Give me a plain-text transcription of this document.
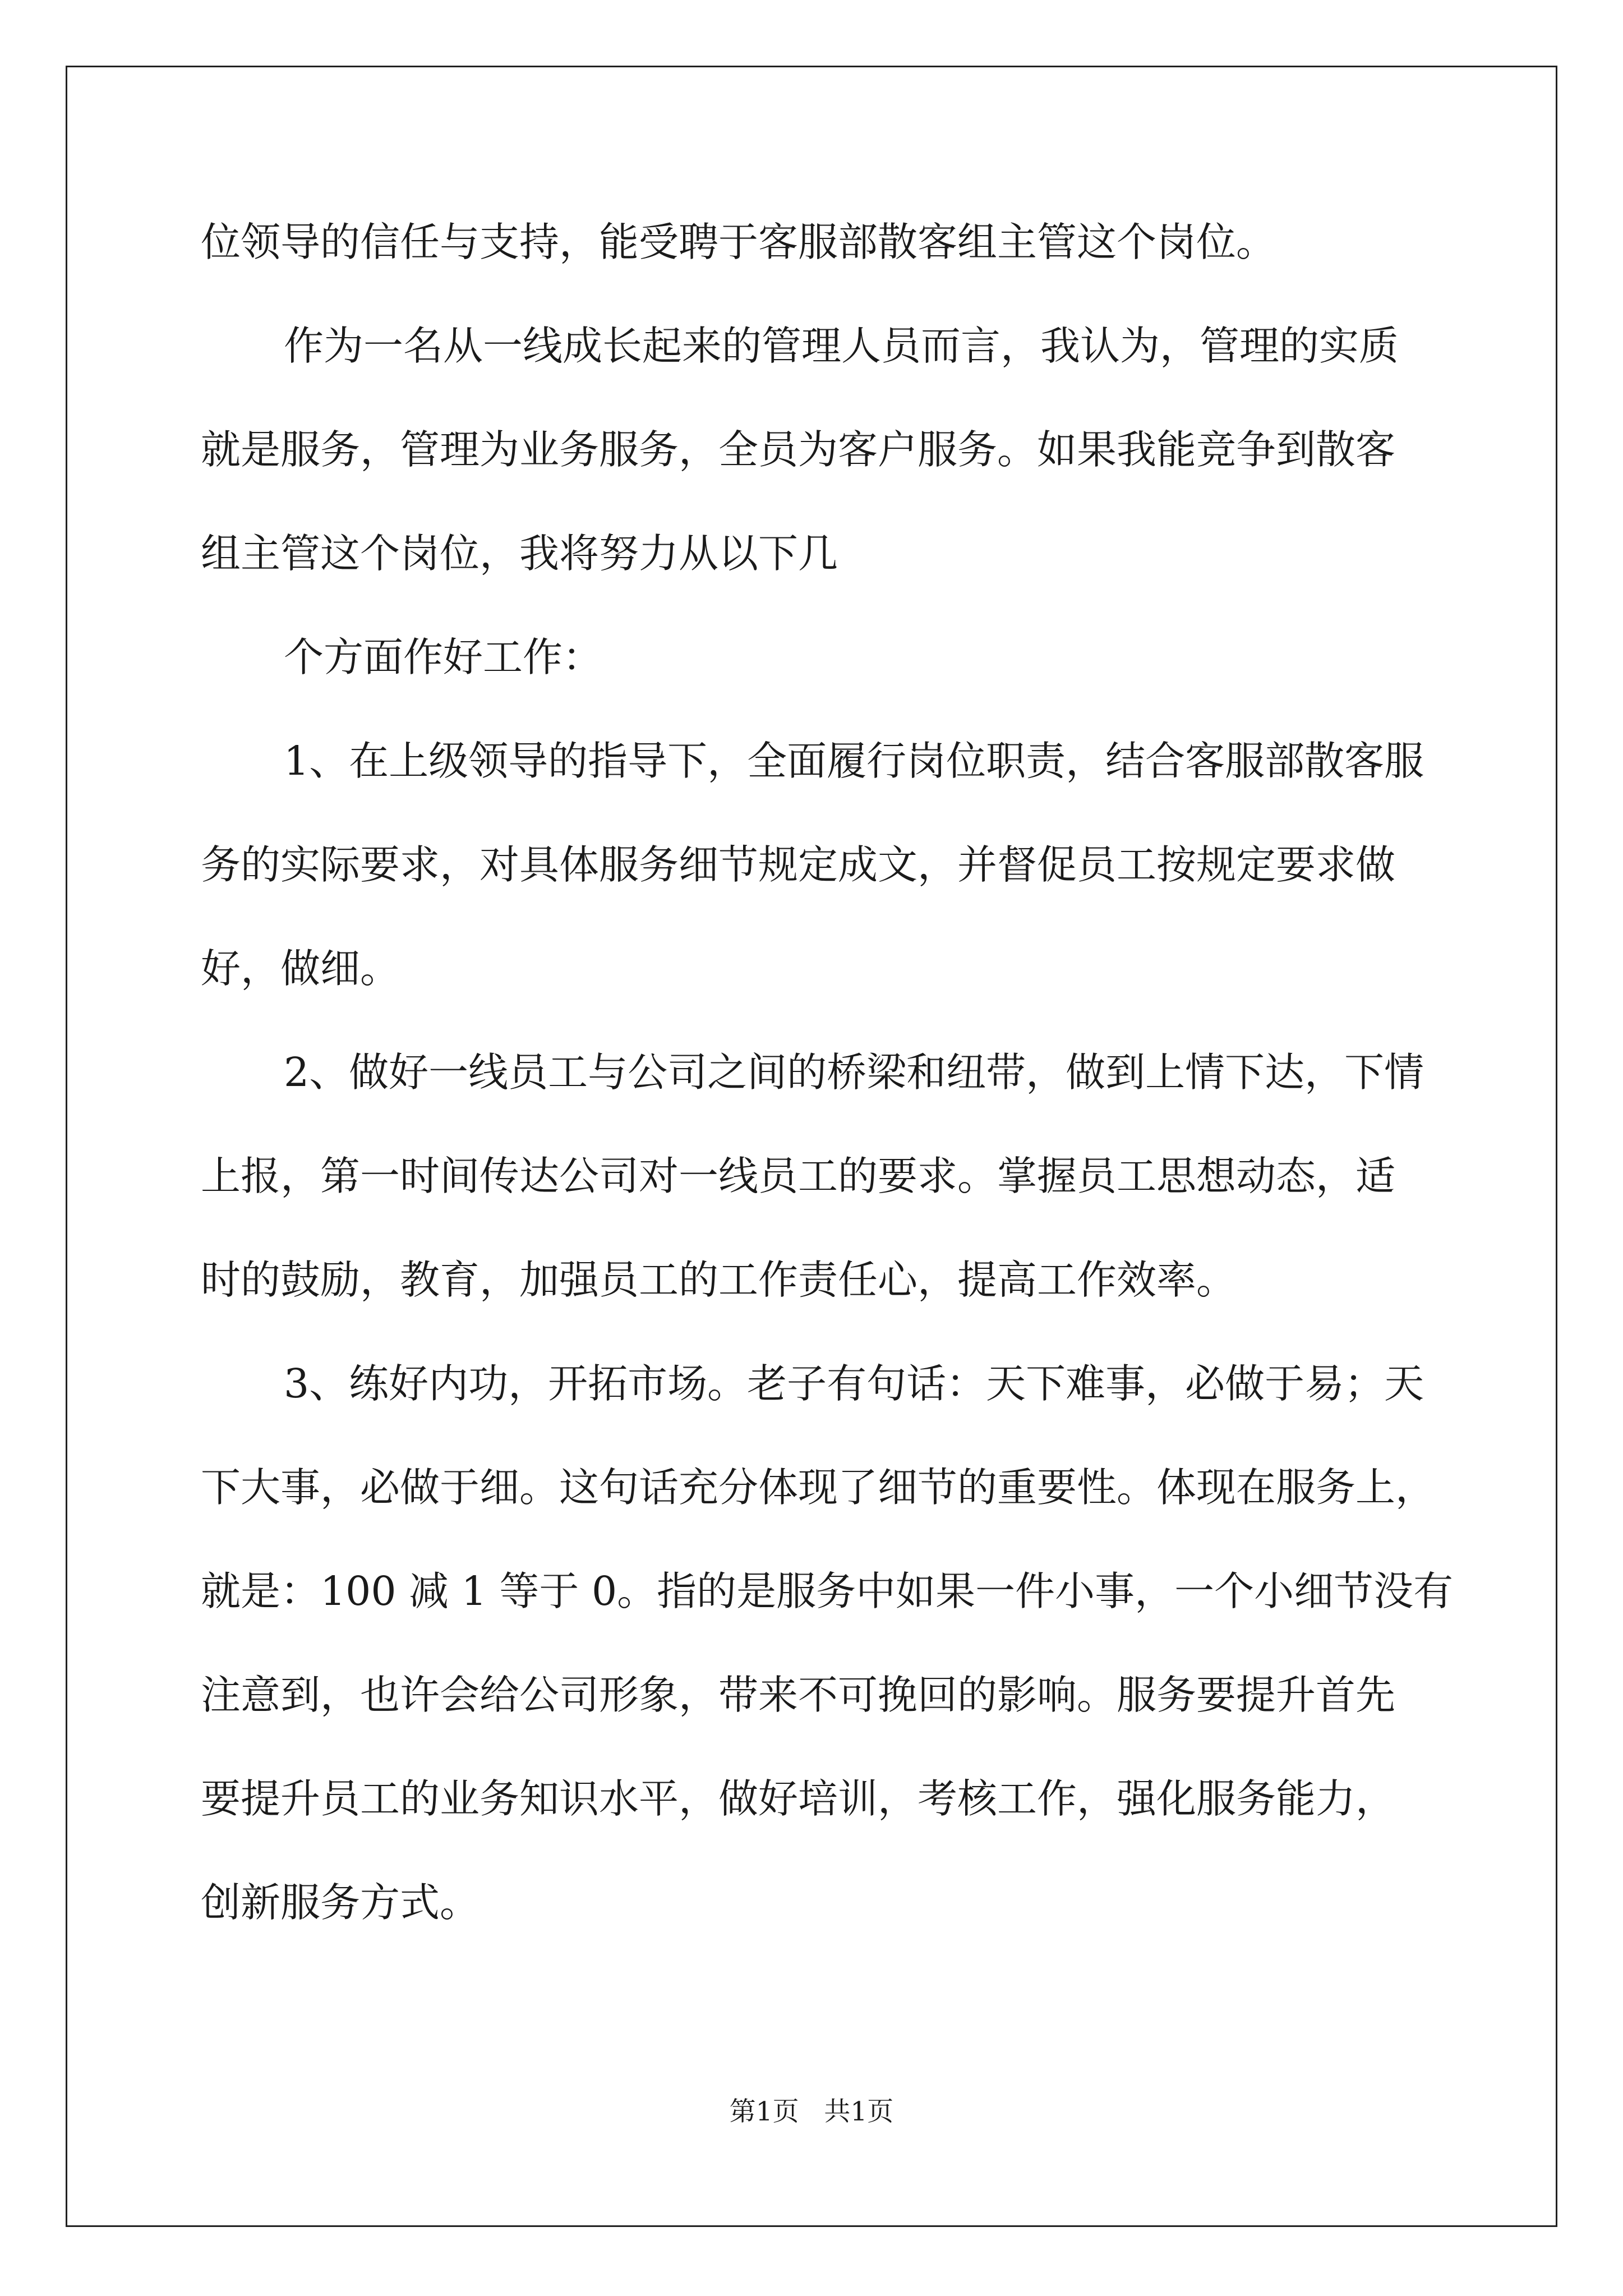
位领导的信任与支持，能受聘于客服部散客组主管这个岗位。
作为一名从一线成长起来的管理人员而言，我认为，管理的实质
就是服务，管理为业务服务，全员为客户服务。如果我能竞争到散客
组主管这个岗位，我将努力从以下几
个方面作好工作：
1、在上级领导的指导下，全面履行岗位职责，结合客服部散客服
务的实际要求，对具体服务细节规定成文，并督促员工按规定要求做
好，做细。
2、做好一线员工与公司之间的桥梁和纽带，做到上情下达，下情
上报，第一时间传达公司对一线员工的要求。掌握员工思想动态，适
时的鼓励，教育，加强员工的工作责任心，提高工作效率。
3、练好内功，开拓市场。老子有句话：天下难事，必做于易；天
下大事，必做于细。这句话充分体现了细节的重要性。体现在服务上，
就是：100 减 1 等于 0。指的是服务中如果一件小事，一个小细节没有
注意到，也许会给公司形象，带来不可挽回的影响。服务要提升首先
要提升员工的业务知识水平，做好培训，考核工作，强化服务能力，
创新服务方式。
第1页   共1页
